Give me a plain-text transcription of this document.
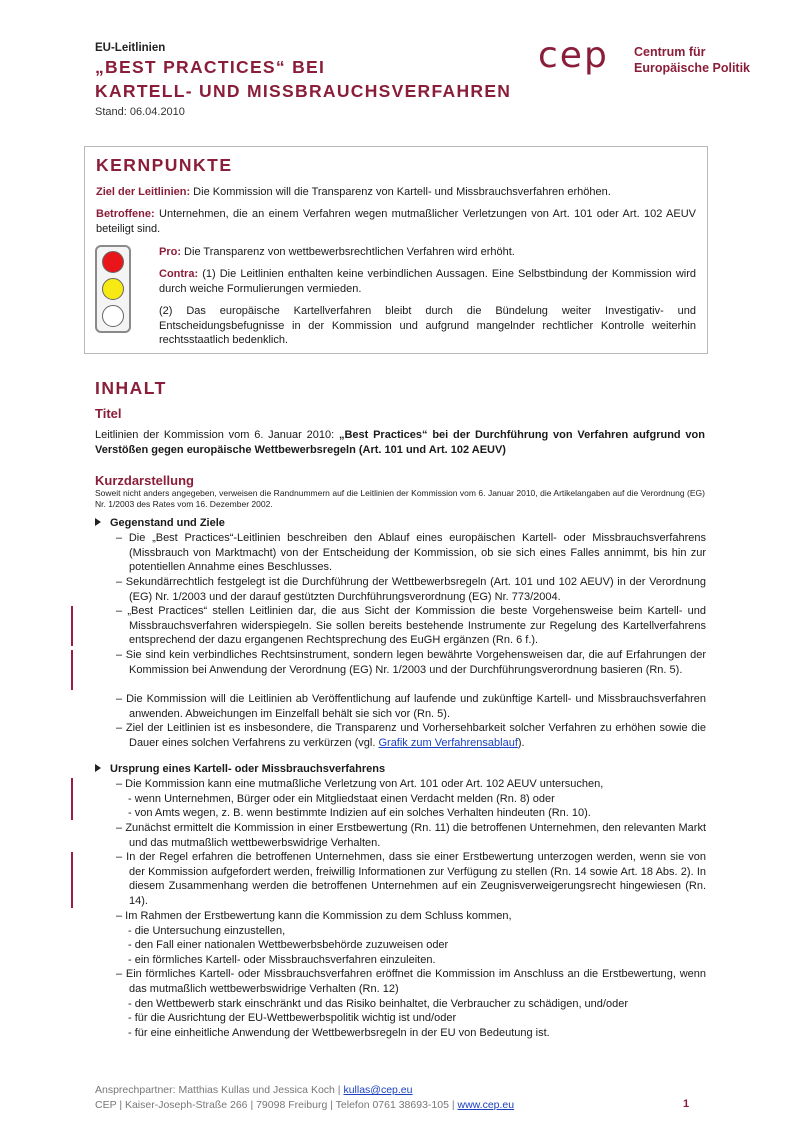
EU-Leitlinien
„BEST PRACTICES“ BEI
KARTELL- UND MISSBRAUCHSVERFAHREN
Stand: 06.04.2010
cep Centrum für
Europäische Politik
KERNPUNKTE
Ziel der Leitlinien: Die Kommission will die Transparenz von Kartell- und Missbrauchsverfahren erhöhen.
Betroffene: Unternehmen, die an einem Verfahren wegen mutmaßlicher Verletzungen von Art. 101 oder Art. 102 AEUV beteiligt sind.
Pro: Die Transparenz von wettbewerbsrechtlichen Verfahren wird erhöht.
Contra: (1) Die Leitlinien enthalten keine verbindlichen Aussagen. Eine Selbstbindung der Kommission wird durch weiche Formulierungen vermieden.
(2) Das europäische Kartellverfahren bleibt durch die Bündelung weiter Investigativ- und Entscheidungsbefugnisse in der Kommission und aufgrund mangelnder rechtlicher Kontrolle weiterhin rechtsstaatlich bedenklich.
INHALT
Titel
Leitlinien der Kommission vom 6. Januar 2010: „Best Practices“ bei der Durchführung von Verfahren aufgrund von Verstößen gegen europäische Wettbewerbsregeln (Art. 101 und Art. 102 AEUV)
Kurzdarstellung
Soweit nicht anders angegeben, verweisen die Randnummern auf die Leitlinien der Kommission vom 6. Januar 2010, die Artikelangaben auf die Verordnung (EG) Nr. 1/2003 des Rates vom 16. Dezember 2002.
Gegenstand und Ziele
– Die „Best Practices“-Leitlinien beschreiben den Ablauf eines europäischen Kartell- oder Missbrauchsverfahrens (Missbrauch von Marktmacht) von der Entscheidung der Kommission, ob sie sich eines Falles annimmt, bis hin zur potentiellen Annahme eines Beschlusses.
– Sekundärrechtlich festgelegt ist die Durchführung der Wettbewerbsregeln (Art. 101 und 102 AEUV) in der Verordnung (EG) Nr. 1/2003 und der darauf gestützten Durchführungsverordnung (EG) Nr. 773/2004.
– „Best Practices“ stellen Leitlinien dar, die aus Sicht der Kommission die beste Vorgehensweise beim Kartell- und Missbrauchsverfahren widerspiegeln. Sie sollen bereits bestehende Instrumente zur Regelung des Kartellverfahrens entsprechend der dazu ergangenen Rechtsprechung des EuGH ergänzen (Rn. 6 f.).
– Sie sind kein verbindliches Rechtsinstrument, sondern legen bewährte Vorgehensweisen dar, die auf Erfahrungen der Kommission bei Anwendung der Verordnung (EG) Nr. 1/2003 und der Durchführungsverordnung basieren (Rn. 5).
– Die Kommission will die Leitlinien ab Veröffentlichung auf laufende und zukünftige Kartell- und Missbrauchsverfahren anwenden. Abweichungen im Einzelfall behält sie sich vor (Rn. 5).
– Ziel der Leitlinien ist es insbesondere, die Transparenz und Vorhersehbarkeit solcher Verfahren zu erhöhen sowie die Dauer eines solchen Verfahrens zu verkürzen (vgl. Grafik zum Verfahrensablauf).
Ursprung eines Kartell- oder Missbrauchsverfahrens
– Die Kommission kann eine mutmaßliche Verletzung von Art. 101 oder Art. 102 AEUV untersuchen,
- wenn Unternehmen, Bürger oder ein Mitgliedstaat einen Verdacht melden (Rn. 8) oder
- von Amts wegen, z. B. wenn bestimmte Indizien auf ein solches Verhalten hindeuten (Rn. 10).
– Zunächst ermittelt die Kommission in einer Erstbewertung (Rn. 11) die betroffenen Unternehmen, den relevanten Markt und das mutmaßlich wettbewerbswidrige Verhalten.
– In der Regel erfahren die betroffenen Unternehmen, dass sie einer Erstbewertung unterzogen werden, wenn sie von der Kommission aufgefordert werden, freiwillig Informationen zur Verfügung zu stellen (Rn. 14 sowie Art. 18 Abs. 2). In diesem Zusammenhang werden die betroffenen Unternehmen auf ein Zeugnisverweigerungsrecht hingewiesen (Rn. 14).
– Im Rahmen der Erstbewertung kann die Kommission zu dem Schluss kommen,
- die Untersuchung einzustellen,
- den Fall einer nationalen Wettbewerbsbehörde zuzuweisen oder
- ein förmliches Kartell- oder Missbrauchsverfahren einzuleiten.
– Ein förmliches Kartell- oder Missbrauchsverfahren eröffnet die Kommission im Anschluss an die Erstbewertung, wenn das mutmaßlich wettbewerbswidrige Verhalten (Rn. 12)
- den Wettbewerb stark einschränkt und das Risiko beinhaltet, die Verbraucher zu schädigen, und/oder
- für die Ausrichtung der EU-Wettbewerbspolitik wichtig ist und/oder
- für eine einheitliche Anwendung der Wettbewerbsregeln in der EU von Bedeutung ist.
Ansprechpartner: Matthias Kullas und Jessica Koch | kullas@cep.eu
CEP | Kaiser-Joseph-Straße 266 | 79098 Freiburg | Telefon 0761 38693-105 | www.cep.eu	1
